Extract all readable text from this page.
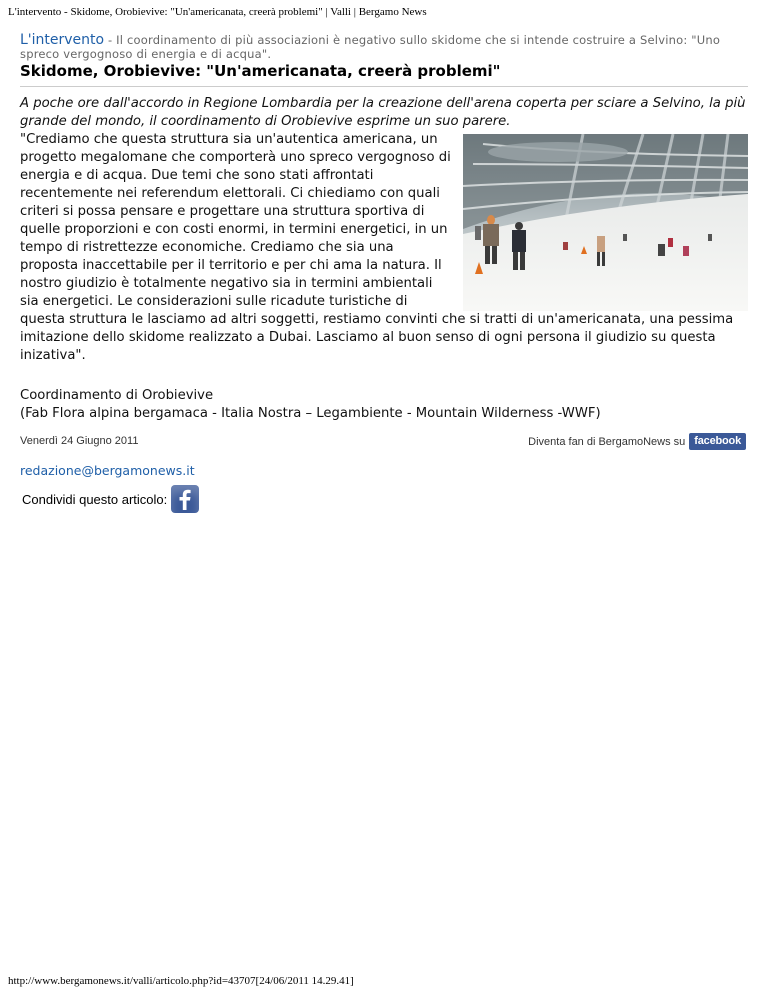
L'intervento - Skidome, Orobievive: "Un'americanata, creerà problemi" | Valli | Bergamo News
L'intervento - Il coordinamento di più associazioni è negativo sullo skidome che si intende costruire a Selvino: "Uno spreco vergognoso di energia e di acqua".
Skidome, Orobievive: "Un'americanata, creerà problemi"

A poche ore dall'accordo in Regione Lombardia per la creazione dell'arena coperta per sciare a Selvino, la più grande del mondo, il coordinamento di Orobievive esprime un suo parere.

"Crediamo che questa struttura sia un'autentica americana, un progetto megalomane che comporterà uno spreco vergognoso di energia e di acqua. Due temi che sono stati affrontati recentemente nei referendum elettorali. Ci chiediamo con quali criteri si possa pensare e progettare una struttura sportiva di quelle proporzioni e con costi enormi, in termini energetici, in un tempo di ristrettezze economiche. Crediamo che sia una proposta inaccettabile per il territorio e per chi ama la natura. Il nostro giudizio è totalmente negativo sia in termini ambientali sia energetici. Le considerazioni sulle ricadute turistiche di questa struttura le lasciamo ad altri soggetti, restiamo convinti che si tratti di un'americanata, una pessima imitazione dello skidome realizzato a Dubai. Lasciamo al buon senso di ogni persona il giudizio su questa inizativa".

Coordinamento di Orobievive
(Fab Flora alpina bergamaca - Italia Nostra – Legambiente - Mountain Wilderness -WWF)
Venerdì 24 Giugno 2011	Diventa fan di BergamoNews su facebook
redazione@bergamonews.it
Condividi questo articolo:
http://www.bergamonews.it/valli/articolo.php?id=43707[24/06/2011 14.29.41]
